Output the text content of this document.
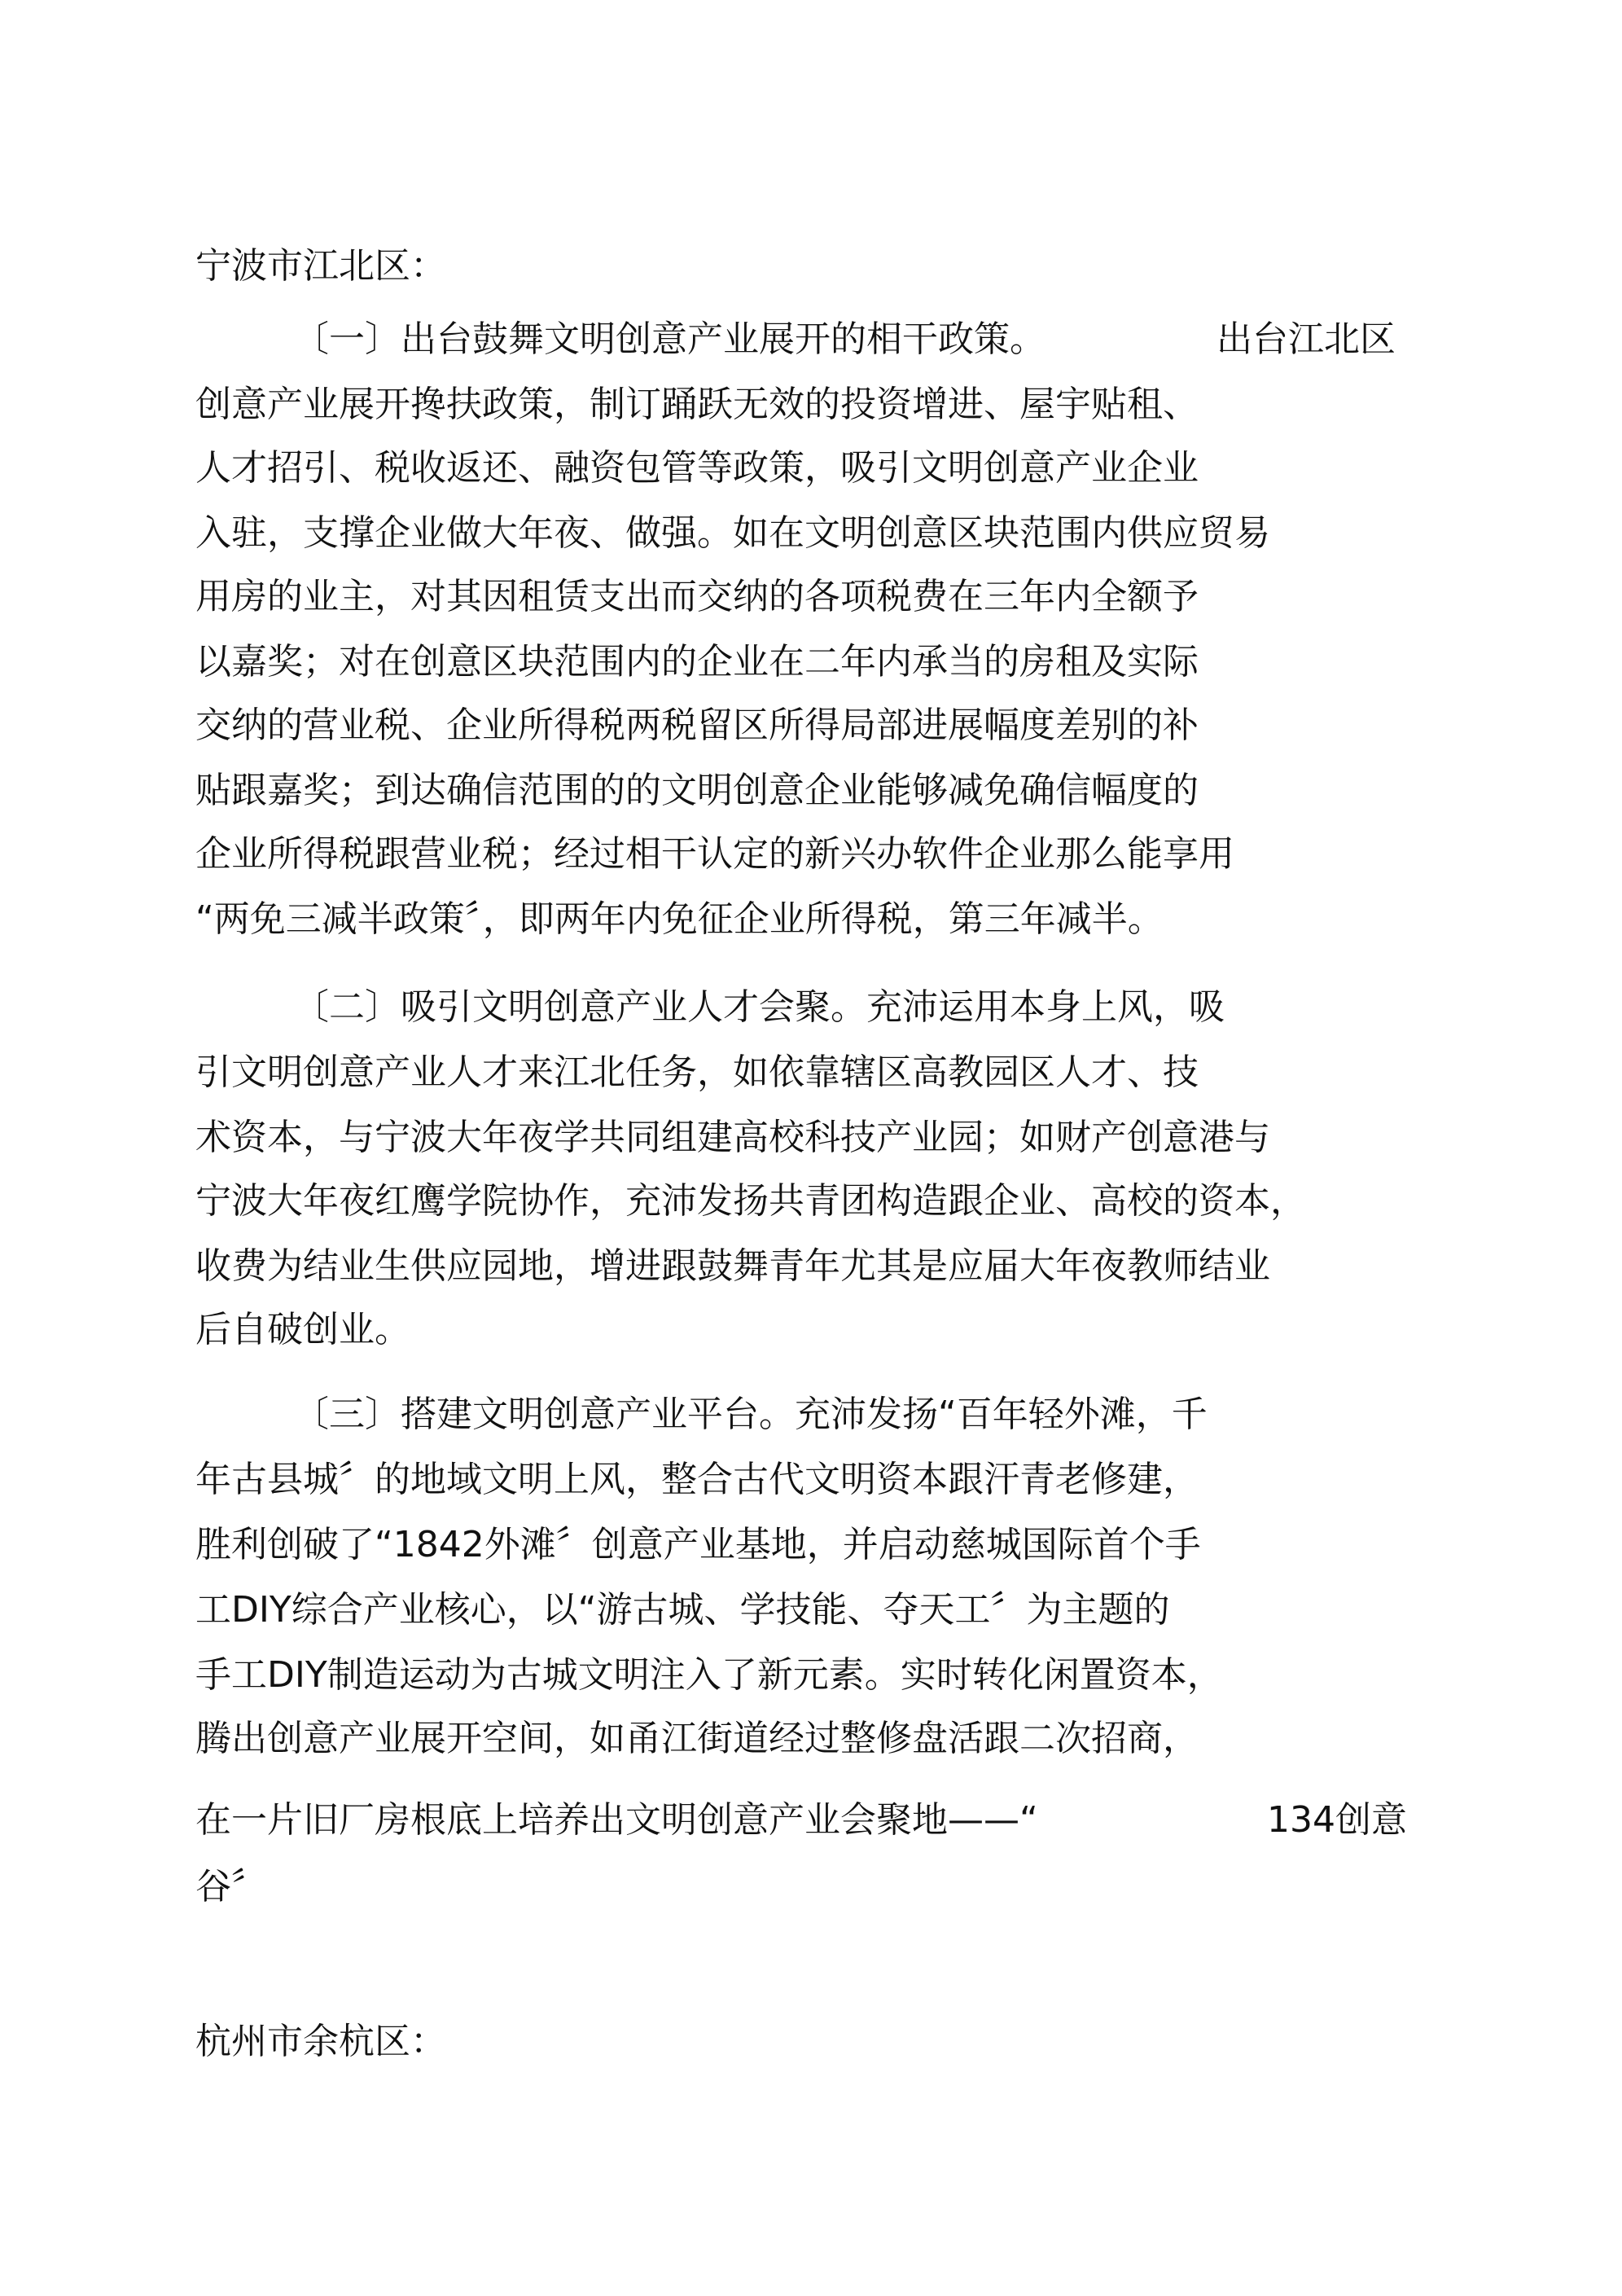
宁波市江北区：
〔一〕出台鼓舞文明创意产业展开的相干政策。	出台江北区
创意产业展开搀扶政策，制订踊跃无效的投资增进、屋宇贴租、
人才招引、税收返还、融资包管等政策，吸引文明创意产业企业
入驻，支撑企业做大年夜、做强。如在文明创意区块范围内供应贸易
用房的业主，对其因租赁支出而交纳的各项税费在三年内全额予
以嘉奖；对在创意区块范围内的企业在二年内承当的房租及实际
交纳的营业税、企业所得税两税留区所得局部进展幅度差别的补
贴跟嘉奖；到达确信范围的的文明创意企业能够减免确信幅度的
企业所得税跟营业税；经过相干认定的新兴办软件企业那么能享用
“两免三减半政策〞，即两年内免征企业所得税，第三年减半。
〔二〕吸引文明创意产业人才会聚。充沛运用本身上风，吸
引文明创意产业人才来江北任务，如依靠辖区高教园区人才、技
术资本，与宁波大年夜学共同组建高校科技产业园；如财产创意港与
宁波大年夜红鹰学院协作，充沛发扬共青团构造跟企业、高校的资本，
收费为结业生供应园地，增进跟鼓舞青年尤其是应届大年夜教师结业
后自破创业。
〔三〕搭建文明创意产业平台。充沛发扬“百年轻外滩，千
年古县城〞的地域文明上风，整合古代文明资本跟汗青老修建，
胜利创破了“1842外滩〞创意产业基地，并启动慈城国际首个手
工DIY综合产业核心，以“游古城、学技能、夺天工〞为主题的
手工DIY制造运动为古城文明注入了新元素。实时转化闲置资本，
腾出创意产业展开空间，如甬江街道经过整修盘活跟二次招商，
在一片旧厂房根底上培养出文明创意产业会聚地——“	134创意
谷〞
杭州市余杭区：
